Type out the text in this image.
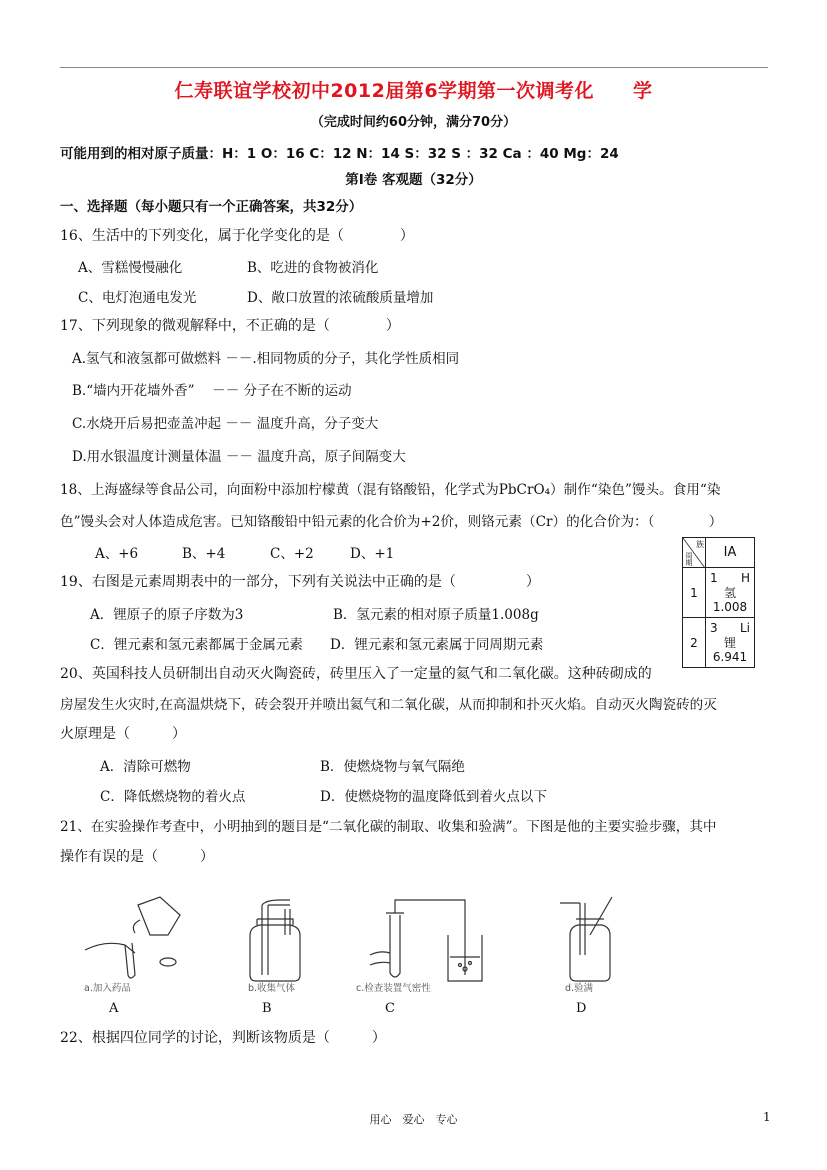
仁寿联谊学校初中2012届第6学期第一次调考化　　学
（完成时间约60分钟，满分70分）
可能用到的相对原子质量：H：1 O：16 C：12 N：14 S：32 S ：32 Ca ：40 Mg：24
第Ⅰ卷 客观题（32分）
一、选择题（每小题只有一个正确答案，共32分）
16、生活中的下列变化，属于化学变化的是（　　　　）
A、雪糕慢慢融化	B、吃进的食物被消化
C、电灯泡通电发光	D、敞口放置的浓硫酸质量增加
17、下列现象的微观解释中，不正确的是（　　　　）
A.氢气和液氢都可做燃料 －－.相同物质的分子，其化学性质相同
B.“墙内开花墙外香”　 －－ 分子在不断的运动
C.水烧开后易把壶盖冲起 －－ 温度升高，分子变大
D.用水银温度计测量体温 －－ 温度升高，原子间隔变大
18、上海盛绿等食品公司，向面粉中添加柠檬黄（混有铬酸铅，化学式为PbCrO₄）制作“染色”馒头。食用“染
色”馒头会对人体造成危害。已知铬酸铅中铅元素的化合价为+2价，则铬元素（Cr）的化合价为：（　　　　）
A、+6	B、+4	C、+2	D、+1
族
周期	IA
1	1 H
氢
1.008

2	3 Li
锂
6.941
19、右图是元素周期表中的一部分，下列有关说法中正确的是（　　　　　）
A．锂原子的原子序数为3	B．氢元素的相对原子质量1.008g
C．锂元素和氢元素都属于金属元素 D．锂元素和氢元素属于同周期元素
20、英国科技人员研制出自动灭火陶瓷砖，砖里压入了一定量的氦气和二氧化碳。这种砖砌成的
房屋发生火灾时,在高温烘烧下，砖会裂开并喷出氦气和二氧化碳，从而抑制和扑灭火焰。自动灭火陶瓷砖的灭
火原理是（　　　）
A．清除可燃物	B．使燃烧物与氧气隔绝
C．降低燃烧物的着火点	D．使燃烧物的温度降低到着火点以下
21、在实验操作考查中，小明抽到的题目是“二氧化碳的制取、收集和验满”。下图是他的主要实验步骤，其中
操作有误的是（　　　）
a.加入药品	b.收集气体	c.检查装置气密性	d.验满
A	B	C	D
22、根据四位同学的讨论，判断该物质是（　　　）
用心　爱心　专心	1
